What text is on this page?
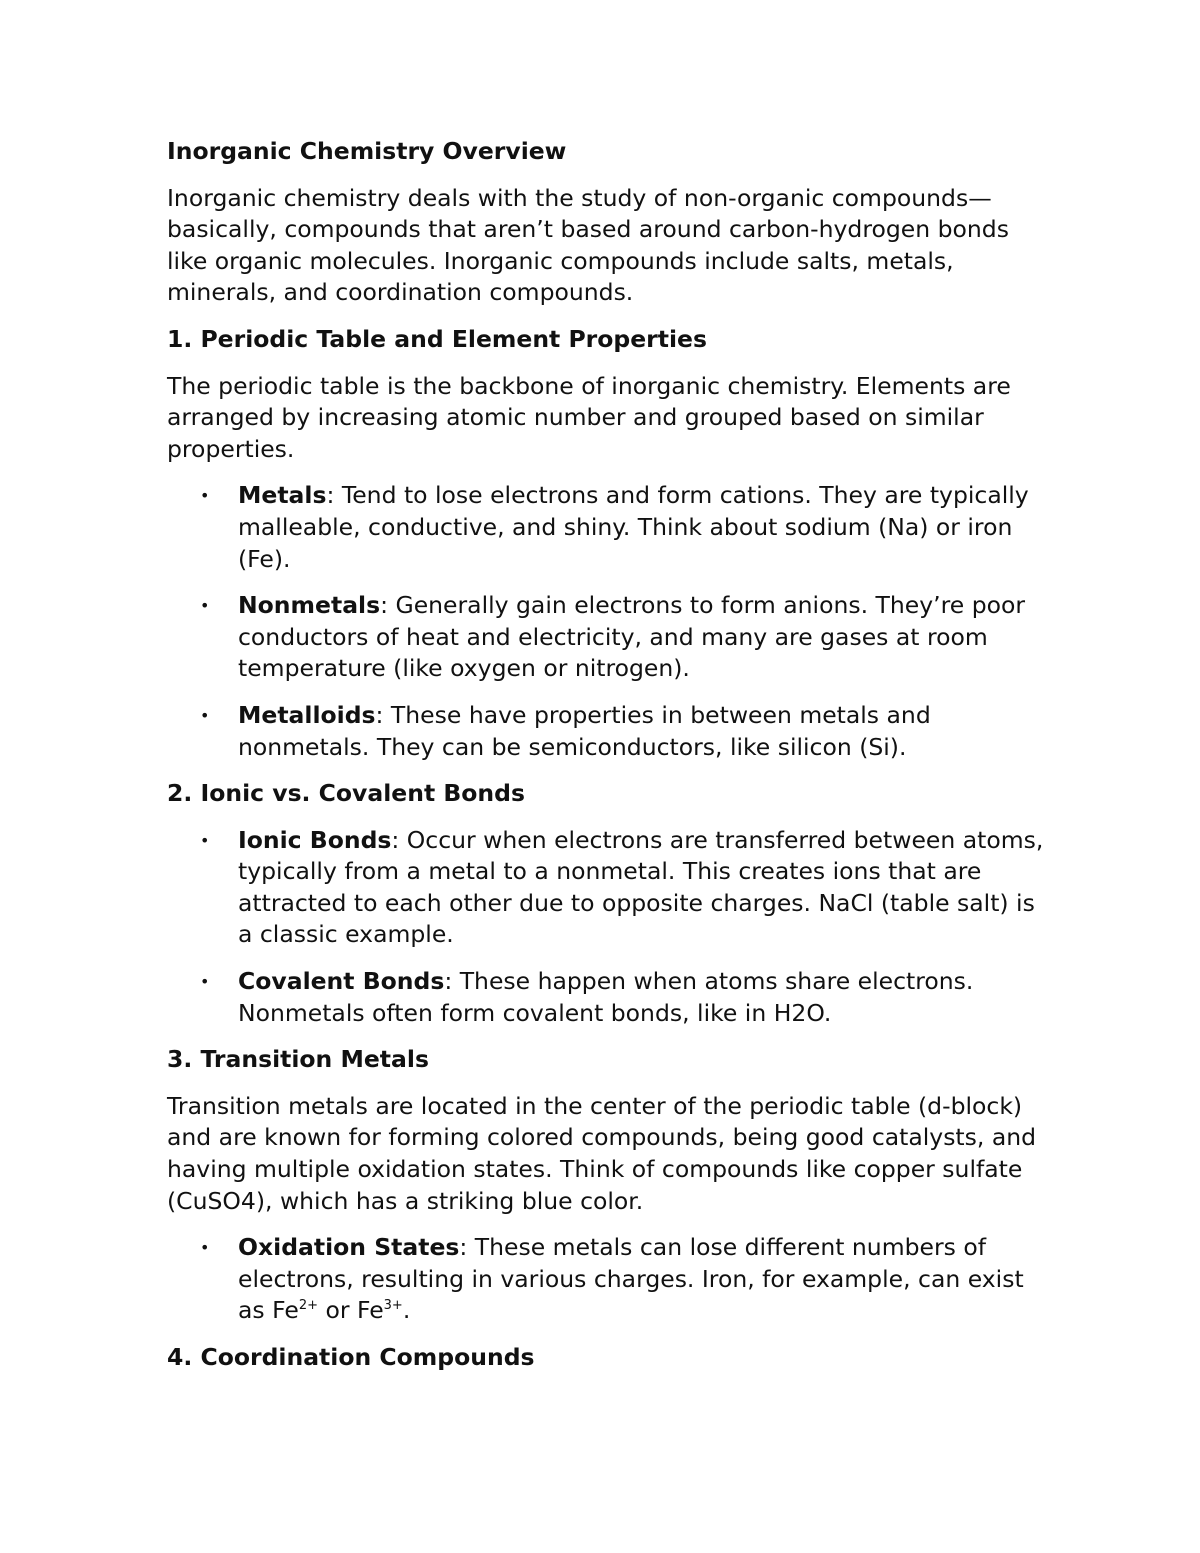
Inorganic Chemistry Overview

Inorganic chemistry deals with the study of non-organic compounds—basically, compounds that aren’t based around carbon-hydrogen bonds like organic molecules. Inorganic compounds include salts, metals, minerals, and coordination compounds.

1. Periodic Table and Element Properties

The periodic table is the backbone of inorganic chemistry. Elements are arranged by increasing atomic number and grouped based on similar properties.

• Metals: Tend to lose electrons and form cations. They are typically malleable, conductive, and shiny. Think about sodium (Na) or iron (Fe).
• Nonmetals: Generally gain electrons to form anions. They’re poor conductors of heat and electricity, and many are gases at room temperature (like oxygen or nitrogen).
• Metalloids: These have properties in between metals and nonmetals. They can be semiconductors, like silicon (Si).
2. Ionic vs. Covalent Bonds
• Ionic Bonds: Occur when electrons are transferred between atoms, typically from a metal to a nonmetal. This creates ions that are attracted to each other due to opposite charges. NaCl (table salt) is a classic example.
• Covalent Bonds: These happen when atoms share electrons. Nonmetals often form covalent bonds, like in H2O.
3. Transition Metals

Transition metals are located in the center of the periodic table (d-block) and are known for forming colored compounds, being good catalysts, and having multiple oxidation states. Think of compounds like copper sulfate (CuSO4), which has a striking blue color.

• Oxidation States: These metals can lose different numbers of electrons, resulting in various charges. Iron, for example, can exist as $Fe^{2+}$ or $Fe^{3+}$.
4. Coordination Compounds
